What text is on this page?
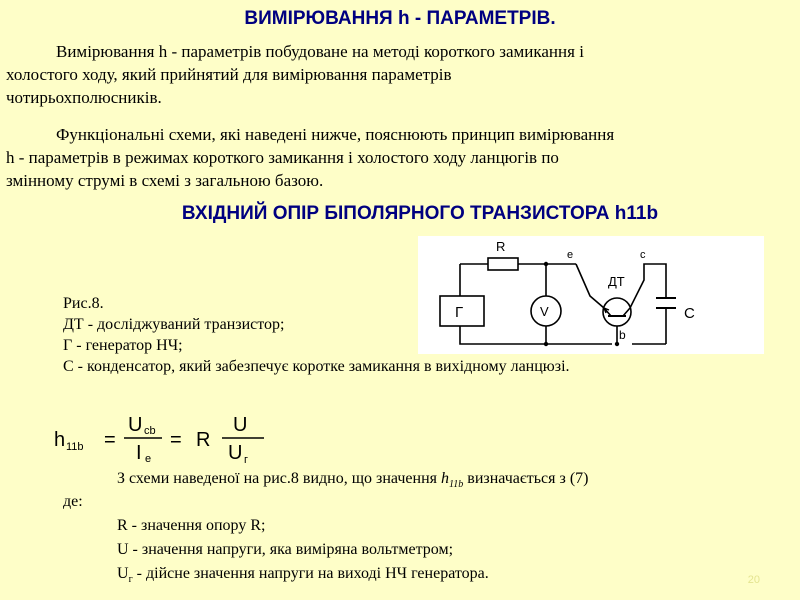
ВИМІРЮВАННЯ h - ПАРАМЕТРІВ.
Вимірювання h - параметрів побудоване на методі короткого замикання і
холостого ходу, який прийнятий для вимірювання параметрів
чотирьохполюсників.
Функціональні схеми, які наведені нижче, пояснюють принцип вимірювання
h - параметрів в режимах короткого замикання і холостого ходу ланцюгів по
змінному струмі в схемі з загальною базою.
ВХІДНИЙ ОПІР БІПОЛЯРНОГО ТРАНЗИСТОРА h11b
R
Г	V
ДТ
е	с
b
С
Рис.8.
ДТ - досліджуваний транзистор;
Г - генератор НЧ;
С - конденсатор, який забезпечує коротке замикання в вихідному ланцюзі.
h 11b =
U cb
I e
= R
U
U г
З схеми наведеної на рис.8 видно, що значення $h_{11b}$ визначається з (7)
де:
R - значення опору R;
U - значення напруги, яка виміряна вольтметром;
$U_г$ - дійсне значення напруги на виході НЧ генератора.	20
